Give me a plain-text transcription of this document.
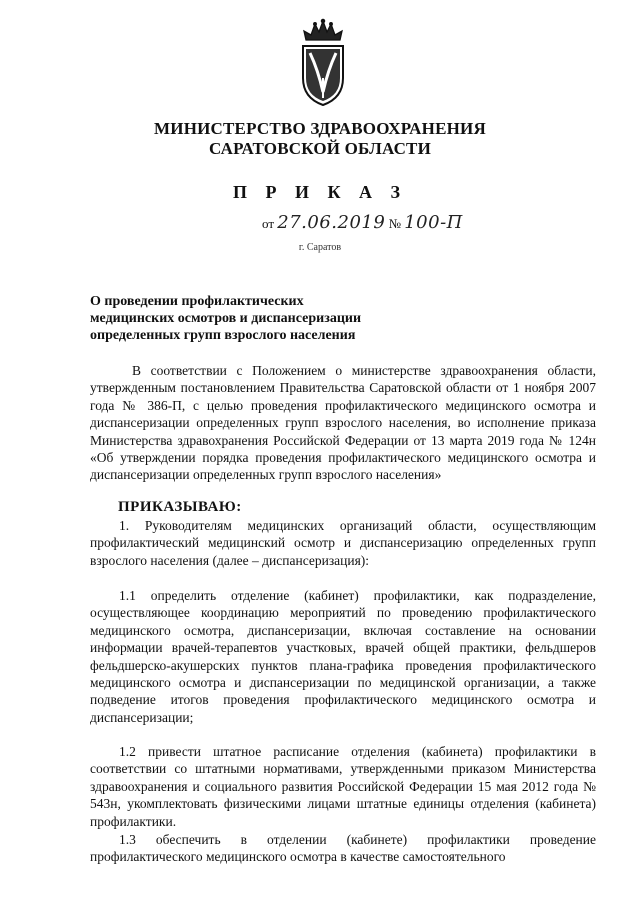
МИНИСТЕРСТВО ЗДРАВООХРАНЕНИЯ
САРАТОВСКОЙ ОБЛАСТИ
П Р И К А З
от 27.06.2019 № 100-П
г. Саратов
О проведении профилактических
медицинских осмотров и диспансеризации
определенных групп взрослого населения
В соответствии с Положением о министерстве здравоохранения области, утвержденным постановлением Правительства Саратовской области от 1 ноября 2007 года № 386-П, с целью проведения профилактического медицинского осмотра и диспансеризации определенных групп взрослого населения, во исполнение приказа Министерства здравохранения Российской Федерации от 13 марта 2019 года № 124н «Об утверждении порядка проведения профилактического медицинского осмотра и диспансеризации определенных групп взрослого населения»
ПРИКАЗЫВАЮ:
1. Руководителям медицинских организаций области, осуществляющим профилактический медицинский осмотр и диспансеризацию определенных групп взрослого населения (далее – диспансеризация):
1.1 определить отделение (кабинет) профилактики, как подразделение, осуществляющее координацию мероприятий по проведению профилактического медицинского осмотра, диспансеризации, включая составление на основании информации врачей-терапевтов участковых, врачей общей практики, фельдшеров фельдшерско-акушерских пунктов плана-графика проведения профилактического медицинского осмотра и диспансеризации по медицинской организации, а также подведение итогов проведения профилактического медицинского осмотра и диспансеризации;
1.2 привести штатное расписание отделения (кабинета) профилактики в соответствии со штатными нормативами, утвержденными приказом Министерства здравоохранения и социального развития Российской Федерации 15 мая 2012 года № 543н, укомплектовать физическими лицами штатные единицы отделения (кабинета) профилактики.
1.3 обеспечить в отделении (кабинете) профилактики проведение профилактического медицинского осмотра в качестве самостоятельного
